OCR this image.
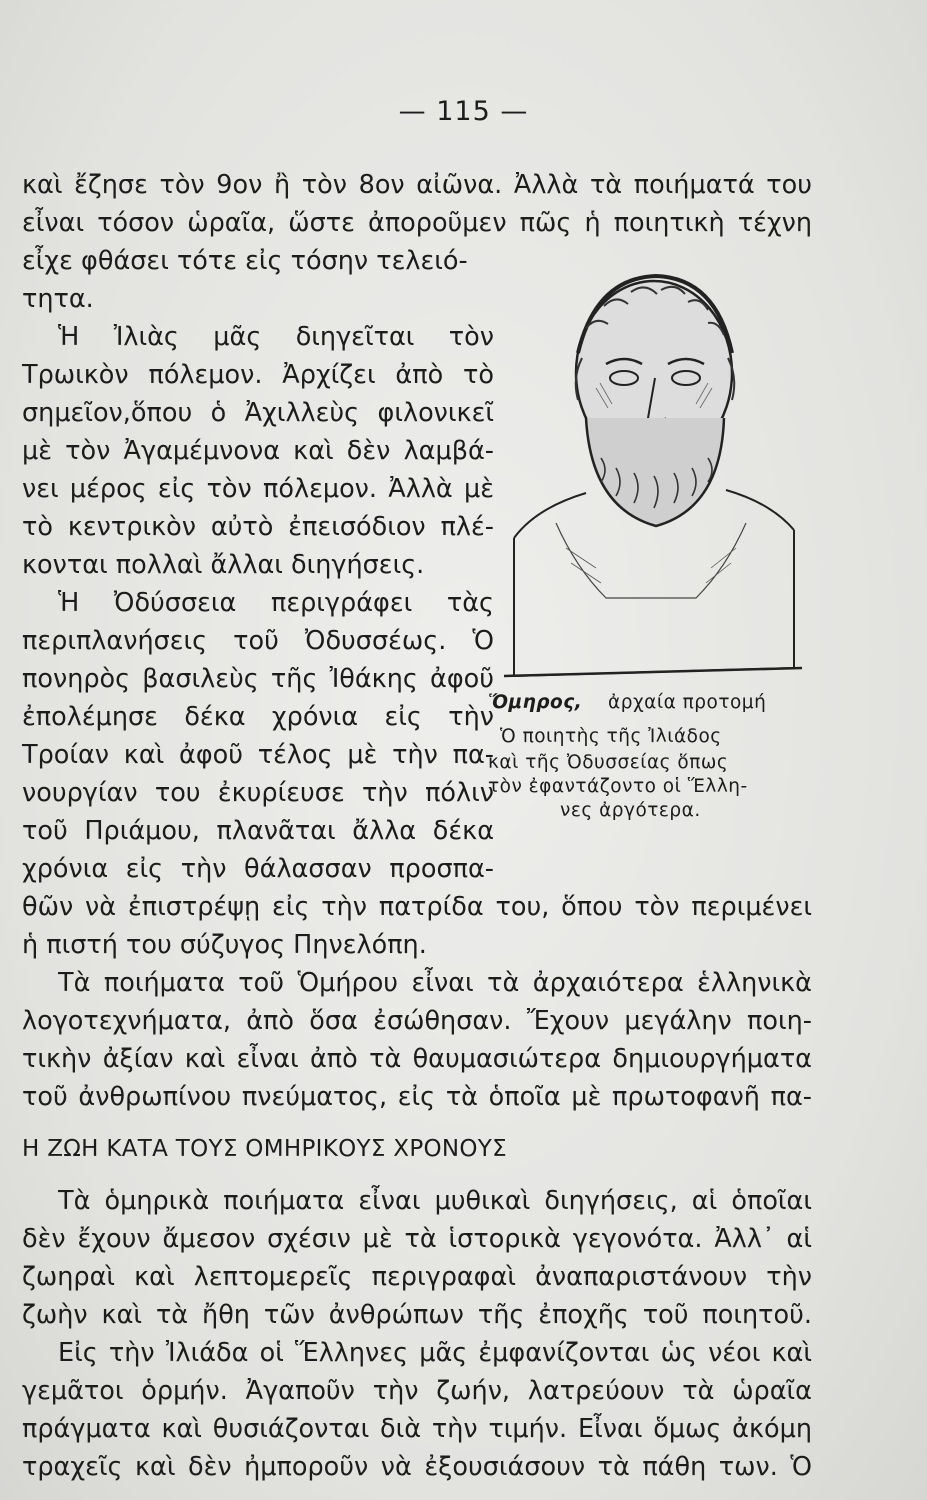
— 115 —
καὶ ἔζησε τὸν 9ον ἢ τὸν 8ον αἰῶνα. Ἀλλὰ τὰ ποιήματά του
εἶναι τόσον ὡραῖα, ὥστε ἀποροῦμεν πῶς ἡ ποιητικὴ τέχνη
εἶχε φθάσει τότε εἰς τόσην τελειό-
τητα.
Ἡ Ἰλιὰς μᾶς διηγεῖται τὸν
Τρωικὸν πόλεμον. Ἀρχίζει ἀπὸ τὸ
σημεῖον,ὅπου ὁ Ἀχιλλεὺς φιλονικεῖ
μὲ τὸν Ἀγαμέμνονα καὶ δὲν λαμβά-
νει μέρος εἰς τὸν πόλεμον. Ἀλλὰ μὲ
τὸ κεντρικὸν αὐτὸ ἐπεισόδιον πλέ-
κονται πολλαὶ ἄλλαι διηγήσεις.
Ἡ Ὀδύσσεια περιγράφει τὰς
περιπλανήσεις τοῦ Ὀδυσσέως. Ὁ
πονηρὸς βασιλεὺς τῆς Ἰθάκης ἀφοῦ
ἐπολέμησε δέκα χρόνια εἰς τὴν
Τροίαν καὶ ἀφοῦ τέλος μὲ τὴν πα-
νουργίαν του ἐκυρίευσε τὴν πόλιν
τοῦ Πριάμου, πλανᾶται ἄλλα δέκα
χρόνια εἰς τὴν θάλασσαν προσπα-
θῶν νὰ ἐπιστρέψῃ εἰς τὴν πατρίδα του, ὅπου τὸν περιμένει
ἡ πιστή του σύζυγος Πηνελόπη.
Τὰ ποιήματα τοῦ Ὁμήρου εἶναι τὰ ἀρχαιότερα ἑλληνικὰ
λογοτεχνήματα, ἀπὸ ὅσα ἐσώθησαν. Ἔχουν μεγάλην ποιη-
τικὴν ἀξίαν καὶ εἶναι ἀπὸ τὰ θαυμασιώτερα δημιουργήματα
τοῦ ἀνθρωπίνου πνεύματος, εἰς τὰ ὁποῖα μὲ πρωτοφανῆ πα-
Η ΖΩΗ ΚΑΤΑ ΤΟΥΣ ΟΜΗΡΙΚΟΥΣ ΧΡΟΝΟΥΣ
Τὰ ὁμηρικὰ ποιήματα εἶναι μυθικαὶ διηγήσεις, αἱ ὁποῖαι
δὲν ἔχουν ἄμεσον σχέσιν μὲ τὰ ἱστορικὰ γεγονότα. Ἀλλ᾽ αἱ
ζωηραὶ καὶ λεπτομερεῖς περιγραφαὶ ἀναπαριστάνουν τὴν
ζωὴν καὶ τὰ ἤθη τῶν ἀνθρώπων τῆς ἐποχῆς τοῦ ποιητοῦ.
Εἰς τὴν Ἰλιάδα οἱ Ἕλληνες μᾶς ἐμφανίζονται ὡς νέοι καὶ
γεμᾶτοι ὁρμήν. Ἀγαποῦν τὴν ζωήν, λατρεύουν τὰ ὡραῖα
πράγματα καὶ θυσιάζονται διὰ τὴν τιμήν. Εἶναι ὅμως ἀκόμη
τραχεῖς καὶ δὲν ἠμποροῦν νὰ ἐξουσιάσουν τὰ πάθη των. Ὁ
Ὅμηρος, ἀρχαία προτομή
Ὁ ποιητὴς τῆς Ἰλιάδος
καὶ τῆς Ὀδυσσείας ὅπως
τὸν ἐφαντάζοντο οἱ Ἕλλη-
νες ἀργότερα.
